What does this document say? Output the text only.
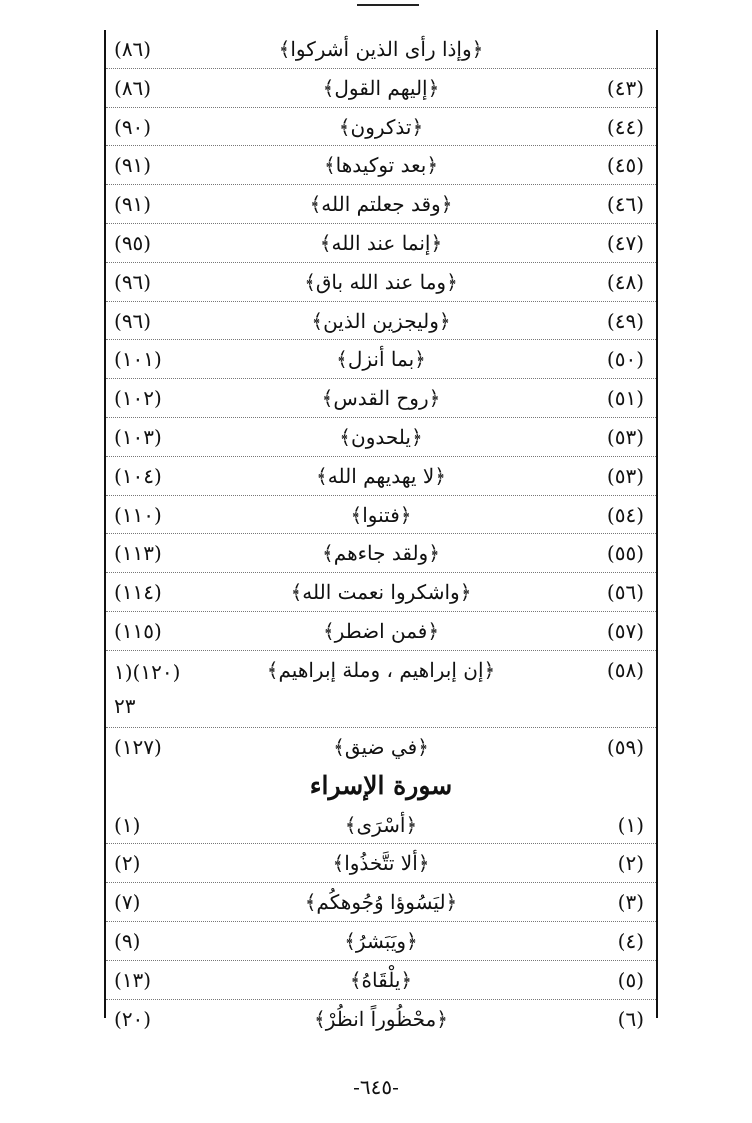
﴿وإذا رأى الذين أشركوا﴾
(٨٦)
(٤٣)
﴿إليهم القول﴾
(٨٦)
(٤٤)
﴿تذكرون﴾
(٩٠)
(٤٥)
﴿بعد توكيدها﴾
(٩١)
(٤٦)
﴿وقد جعلتم الله﴾
(٩١)
(٤٧)
﴿إنما عند الله﴾
(٩٥)
(٤٨)
﴿وما عند الله باق﴾
(٩٦)
(٤٩)
﴿وليجزين الذين﴾
(٩٦)
(٥٠)
﴿بما أنزل﴾
(١٠١)
(٥١)
﴿روح القدس﴾
(١٠٢)
(٥٣)
﴿يلحدون﴾
(١٠٣)
(٥٣)
﴿لا يهديهم الله﴾
(١٠٤)
(٥٤)
﴿فتنوا﴾
(١١٠)
(٥٥)
﴿ولقد جاءهم﴾
(١١٣)
(٥٦)
﴿واشكروا نعمت الله﴾
(١١٤)
(٥٧)
﴿فمن اضطر﴾
(١١٥)
(٥٨)
﴿إن إبراهيم ، وملة إبراهيم﴾
(١٢٠)(١ ٢٣
(٥٩)
﴿في ضيق﴾
(١٢٧)
سورة الإسراء
(١)
﴿أسْرَى﴾
(١)
(٢)
﴿ألا تتَّخذُوا﴾
(٢)
(٣)
﴿ليَسُوؤا وُجُوهكُم﴾
(٧)
(٤)
﴿ويَبَشرُ﴾
(٩)
(٥)
﴿يلْقَاهُ﴾
(١٣)
(٦)
﴿محْظُوراً انظُرْ﴾
(٢٠)
-٦٤٥-
